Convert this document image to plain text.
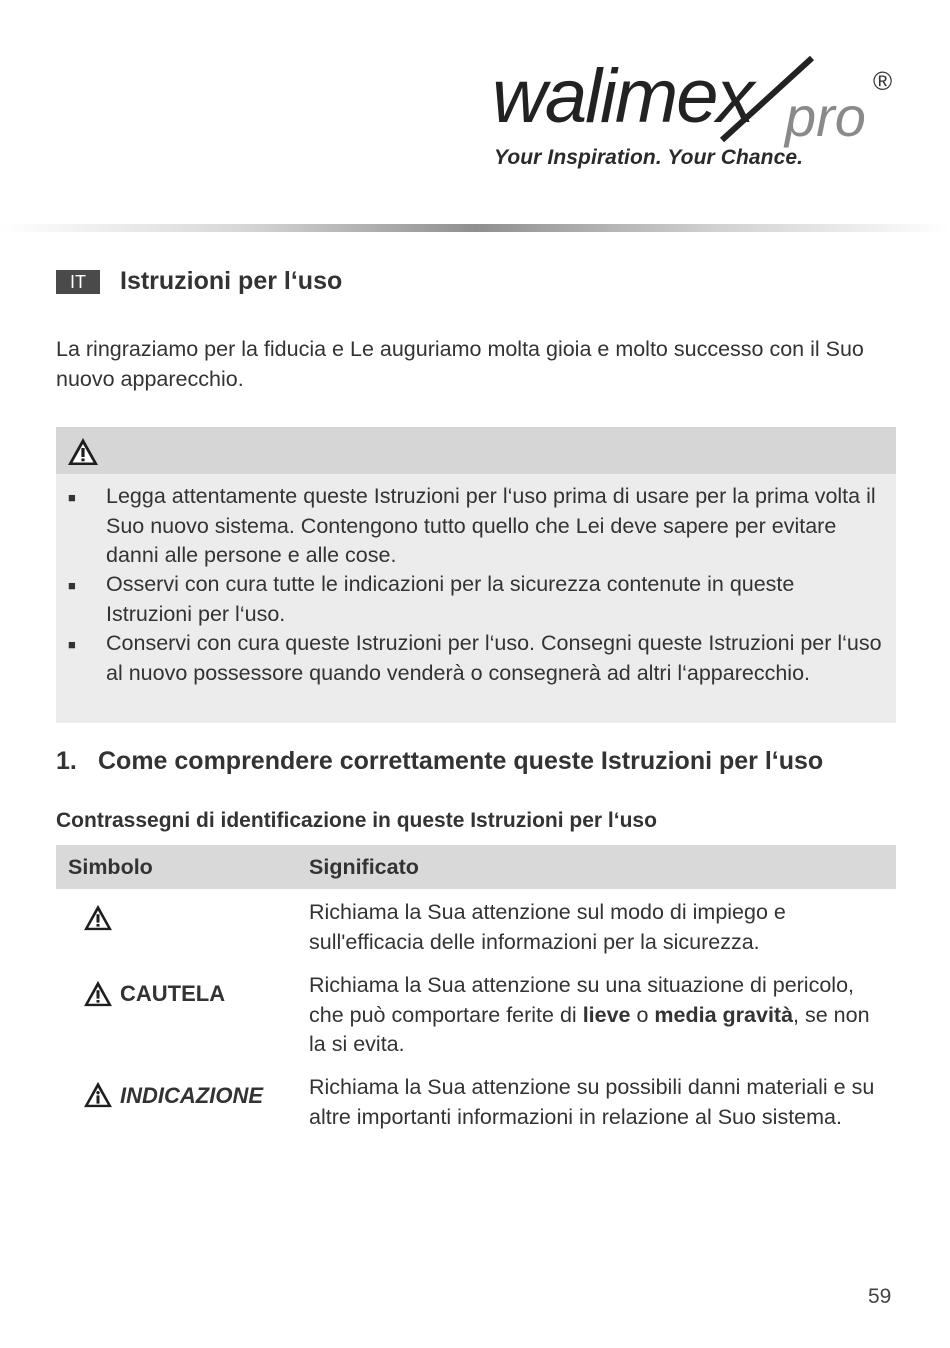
walimex pro
®
Your Inspiration. Your Chance.
IT	Istruzioni per l‘uso
La ringraziamo per la fiducia e Le auguriamo molta gioia e molto successo con il Suo nuovo apparecchio.
■	Legga attentamente queste Istruzioni per l‘uso prima di usare per la prima volta il Suo nuovo sistema. Contengono tutto quello che Lei deve sapere per evitare danni alle persone e alle cose.
■	Osservi con cura tutte le indicazioni per la sicurezza contenute in queste Istruzioni per l‘uso.
■	Conservi con cura queste Istruzioni per l‘uso. Consegni queste Istruzioni per l‘uso al nuovo possessore quando venderà o consegnerà ad altri l‘apparecchio.
1. Come comprendere correttamente queste Istruzioni per l‘uso
Contrassegni di identificazione in queste Istruzioni per l‘uso
Simbolo	Significato
Richiama la Sua attenzione sul modo di impiego e sull'efficacia delle informazioni per la sicurezza.
CAUTELA	Richiama la Sua attenzione su una situazione di pericolo, che può comportare ferite di lieve o media gravità, se non la si evita.
INDICAZIONE Richiama la Sua attenzione su possibili danni materiali e su altre importanti informazioni in relazione al Suo sistema.
59
